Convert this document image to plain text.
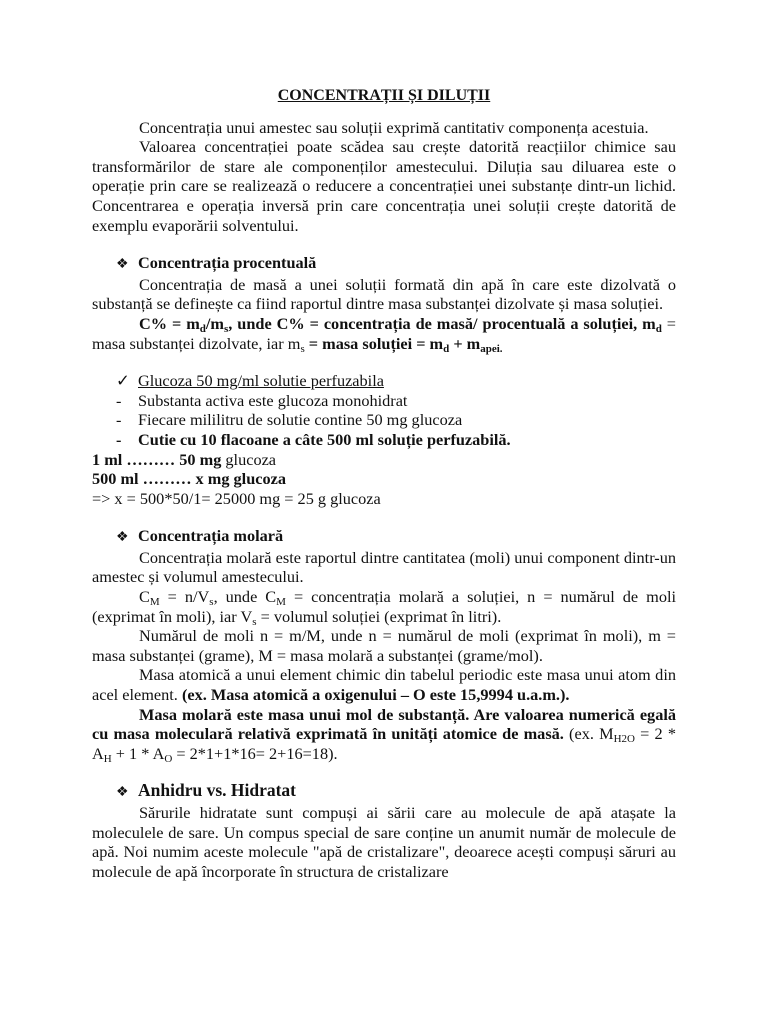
CONCENTRAȚII ȘI DILUȚII

Concentrația unui amestec sau soluții exprimă cantitativ componența acestuia.

Valoarea concentrației poate scădea sau crește datorită reacțiilor chimice sau transformărilor de stare ale componenților amestecului. Diluția sau diluarea este o operație prin care se realizează o reducere a concentrației unei substanțe dintr-un lichid. Concentrarea e operația inversă prin care concentrația unei soluții crește datorită de exemplu evaporării solventului.

❖ Concentrația procentuală

Concentrația de masă a unei soluții formată din apă în care este dizolvată o substanță se definește ca fiind raportul dintre masa substanței dizolvate și masa soluției.

$C\% = m_d/m_s$, unde C% = concentrația de masă/ procentuală a soluției, $m_d$ = masa substanței dizolvate, iar $m_s$ = masa soluției = $m_d + m_{apei.}$

✓ Glucoza 50 mg/ml solutie perfuzabila

- Substanta activa este glucoza monohidrat
- Fiecare mililitru de solutie contine 50 mg glucoza
- Cutie cu 10 flacoane a câte 500 ml soluție perfuzabilă.

1 ml ……… 50 mg glucoza

500 ml ……… x mg glucoza

=> x = 500*50/1= 25000 mg = 25 g glucoza

❖ Concentrația molară

Concentrația molară este raportul dintre cantitatea (moli) unui component dintr-un amestec și volumul amestecului.

$C_M = n/V_s$, unde $C_M$ = concentrația molară a soluției, n = numărul de moli (exprimat în moli), iar $V_s$ = volumul soluției (exprimat în litri).

Numărul de moli n = m/M, unde n = numărul de moli (exprimat în moli), m = masa substanței (grame), M = masa molară a substanței (grame/mol).

Masa atomică a unui element chimic din tabelul periodic este masa unui atom din acel element. (ex. Masa atomică a oxigenului – O este 15,9994 u.a.m.).

Masa molară este masa unui mol de substanță. Are valoarea numerică egală cu masa moleculară relativă exprimată în unități atomice de masă. (ex. $M_{H2O} = 2 * A_H + 1 * A_O = 2*1+1*16= 2+16=18$).

❖ Anhidru vs. Hidratat

Sărurile hidratate sunt compuși ai sării care au molecule de apă atașate la moleculele de sare. Un compus special de sare conține un anumit număr de molecule de apă. Noi numim aceste molecule "apă de cristalizare", deoarece acești compuși săruri au molecule de apă încorporate în structura de cristalizare
